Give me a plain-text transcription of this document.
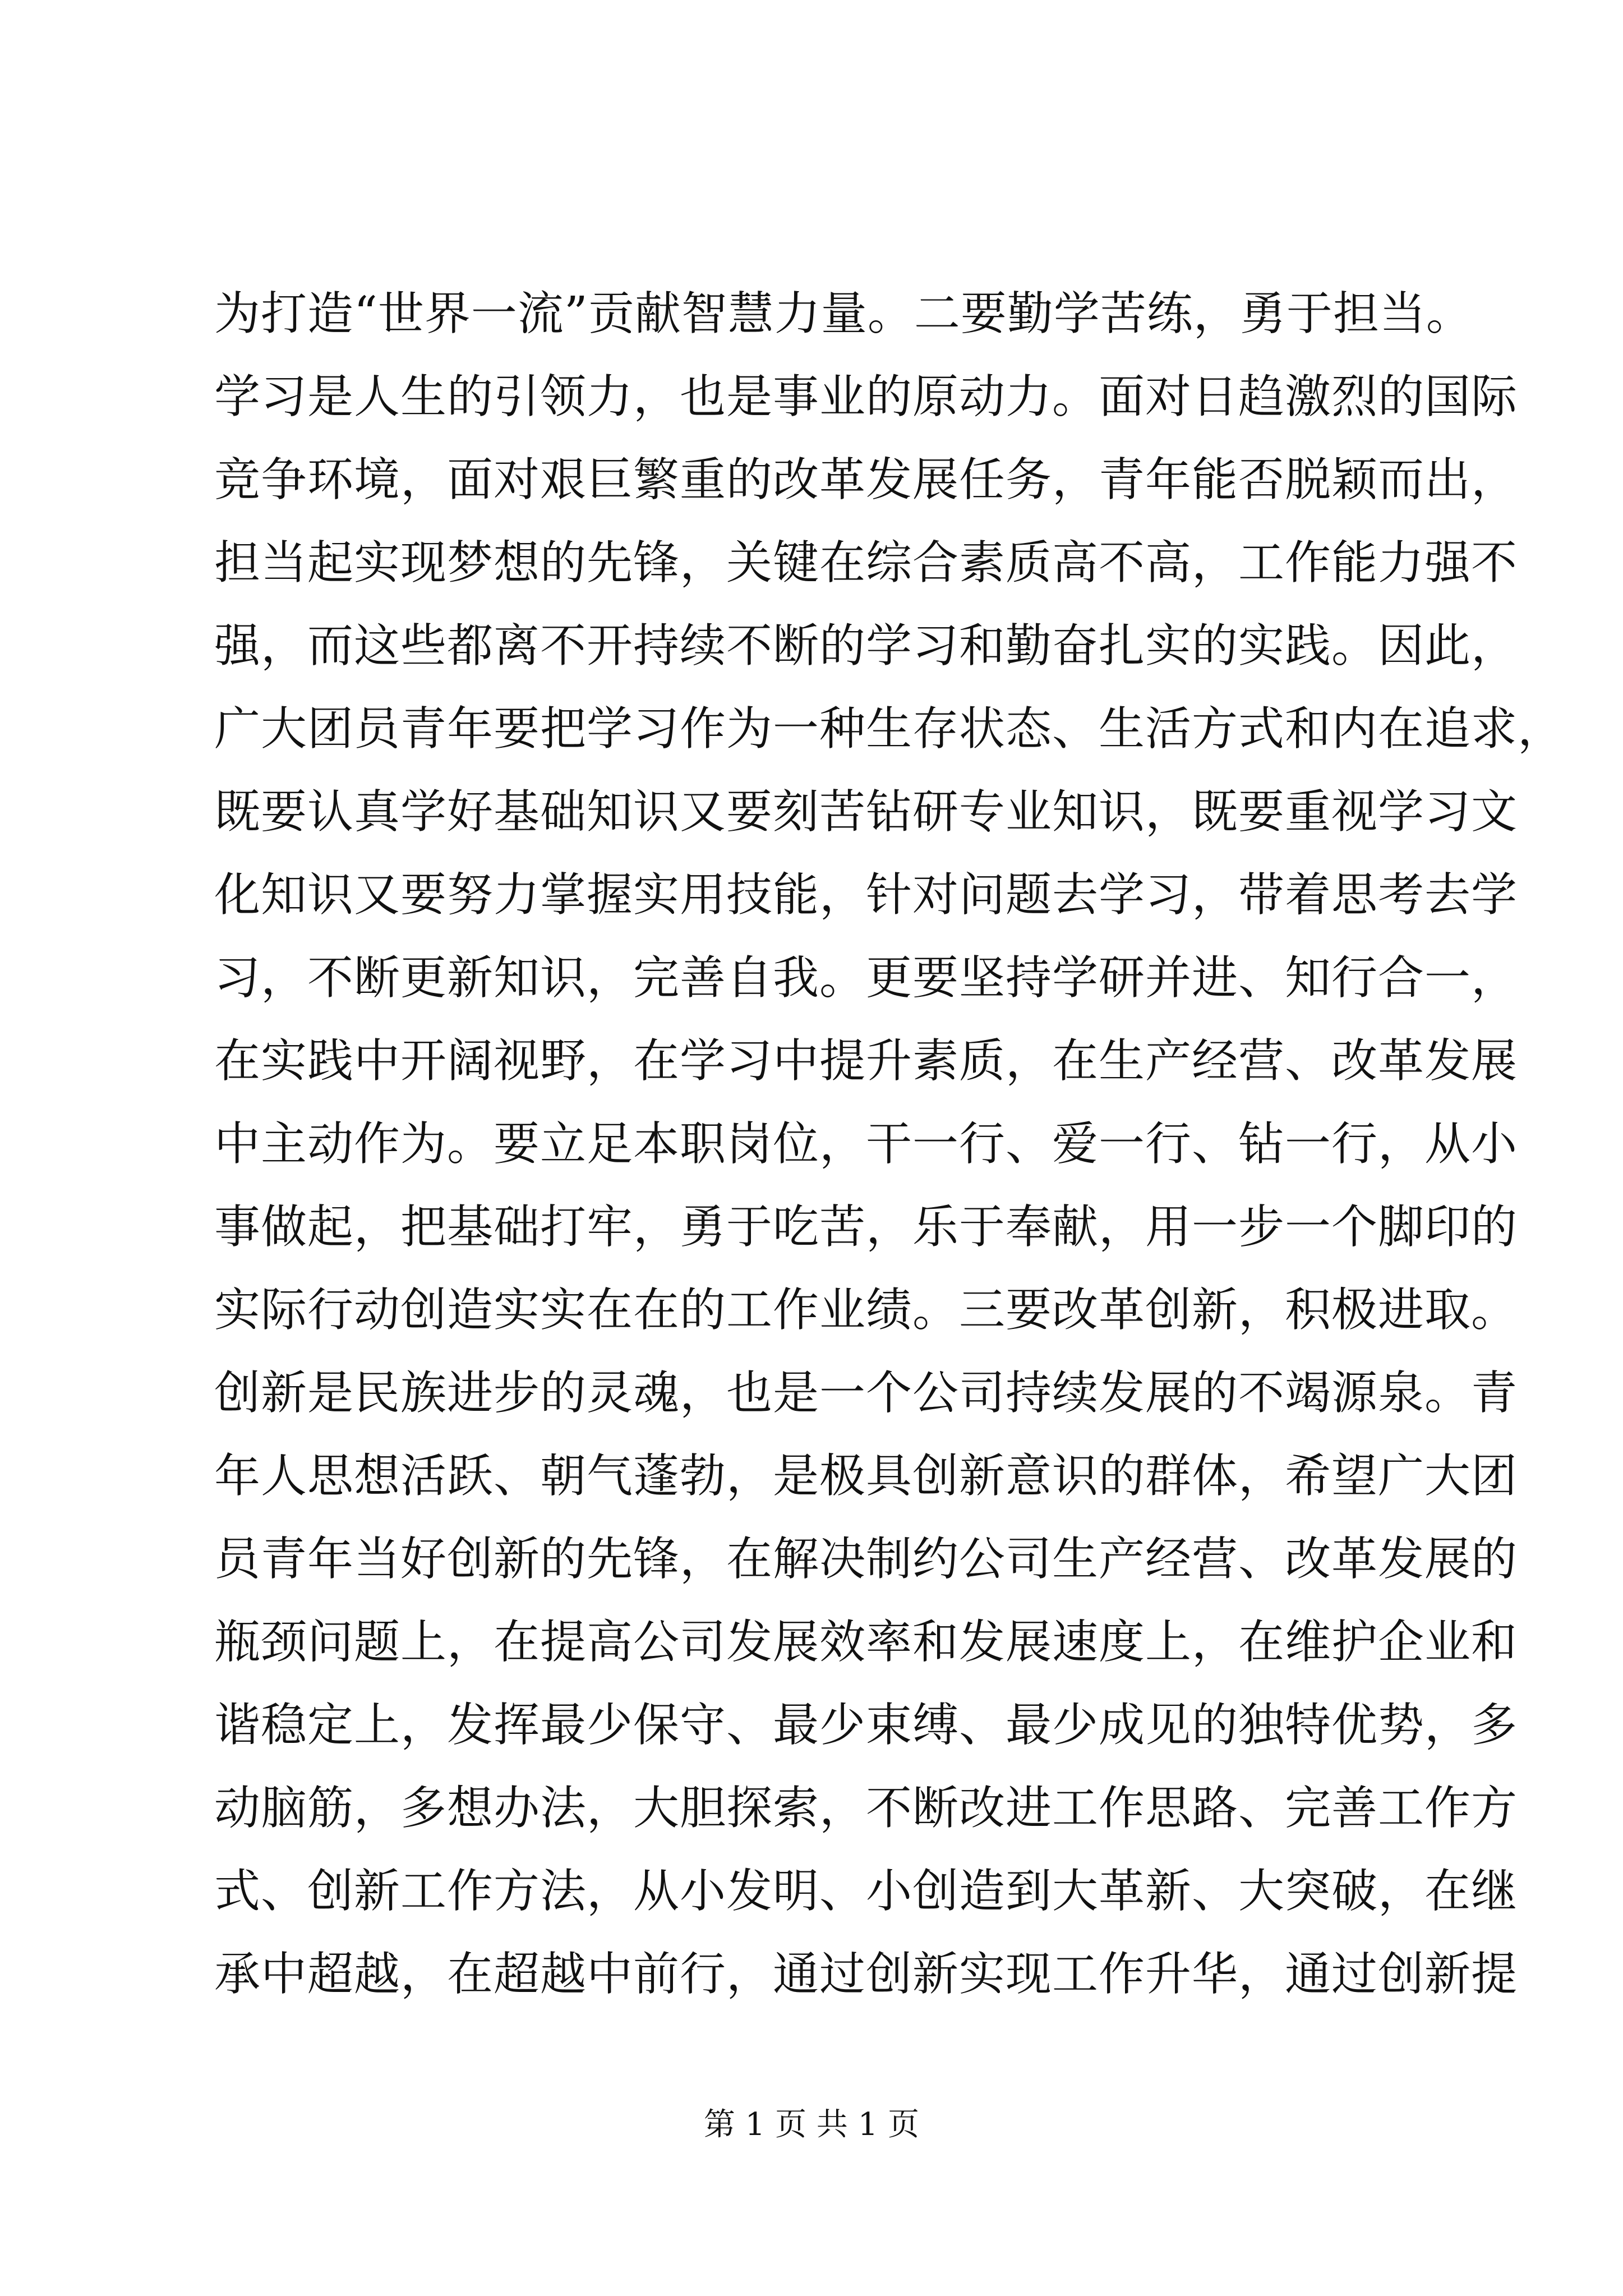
为打造“世界一流”贡献智慧力量。二要勤学苦练，勇于担当。
学习是人生的引领力，也是事业的原动力。面对日趋激烈的国际
竞争环境，面对艰巨繁重的改革发展任务，青年能否脱颖而出，
担当起实现梦想的先锋，关键在综合素质高不高，工作能力强不
强，而这些都离不开持续不断的学习和勤奋扎实的实践。因此，
广大团员青年要把学习作为一种生存状态、生活方式和内在追求，
既要认真学好基础知识又要刻苦钻研专业知识，既要重视学习文
化知识又要努力掌握实用技能，针对问题去学习，带着思考去学
习，不断更新知识，完善自我。更要坚持学研并进、知行合一，
在实践中开阔视野，在学习中提升素质，在生产经营、改革发展
中主动作为。要立足本职岗位，干一行、爱一行、钻一行，从小
事做起，把基础打牢，勇于吃苦，乐于奉献，用一步一个脚印的
实际行动创造实实在在的工作业绩。三要改革创新，积极进取。
创新是民族进步的灵魂，也是一个公司持续发展的不竭源泉。青
年人思想活跃、朝气蓬勃，是极具创新意识的群体，希望广大团
员青年当好创新的先锋，在解决制约公司生产经营、改革发展的
瓶颈问题上，在提高公司发展效率和发展速度上，在维护企业和
谐稳定上，发挥最少保守、最少束缚、最少成见的独特优势，多
动脑筋，多想办法，大胆探索，不断改进工作思路、完善工作方
式、创新工作方法，从小发明、小创造到大革新、大突破，在继
承中超越，在超越中前行，通过创新实现工作升华，通过创新提
第 1 页 共 1 页
